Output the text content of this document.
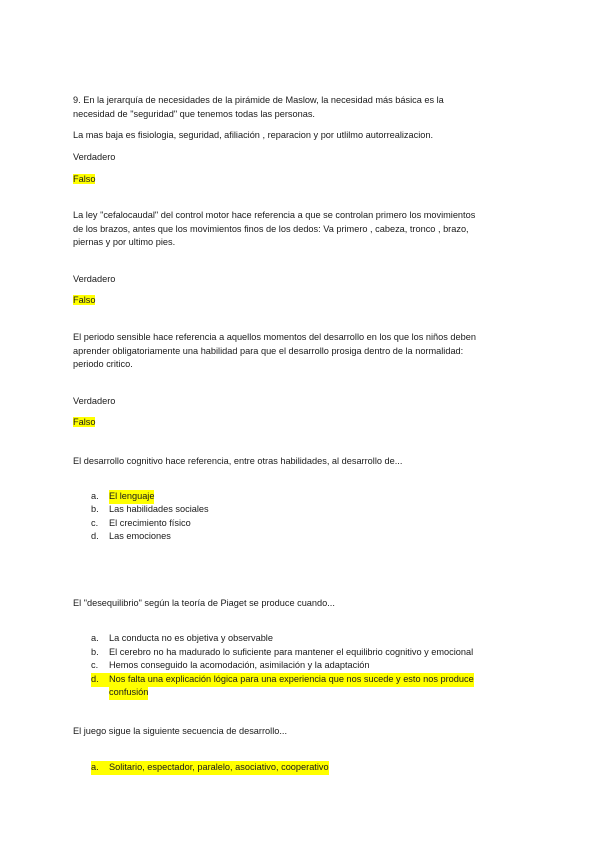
9. En la jerarquía de necesidades de la pirámide de Maslow, la necesidad más básica es la
necesidad de "seguridad" que tenemos todas las personas.
La mas baja es fisiologia, seguridad, afiliación , reparacion y por utlilmo autorrealizacion.
Verdadero
Falso
La ley "cefalocaudal" del control motor hace referencia a que se controlan primero los movimientos
de los brazos, antes que los movimientos finos de los dedos: Va primero , cabeza, tronco , brazo,
piernas y por ultimo pies.
Verdadero
Falso
El periodo sensible hace referencia a aquellos momentos del desarrollo en los que los niños deben
aprender obligatoriamente una habilidad para que el desarrollo prosiga dentro de la normalidad:
periodo critico.
Verdadero
Falso
El desarrollo cognitivo hace referencia, entre otras habilidades, al desarrollo de...
a. El lenguaje
b. Las habilidades sociales
c. El crecimiento físico
d. Las emociones
El "desequilibrio" según la teoría de Piaget se produce cuando...
a. La conducta no es objetiva y observable
b. El cerebro no ha madurado lo suficiente para mantener el equilibrio cognitivo y emocional
c. Hemos conseguido la acomodación, asimilación y la adaptación
d. Nos falta una explicación lógica para una experiencia que nos sucede y esto nos produce
confusión
El juego sigue la siguiente secuencia de desarrollo...
a. Solitario, espectador, paralelo, asociativo, cooperativo
